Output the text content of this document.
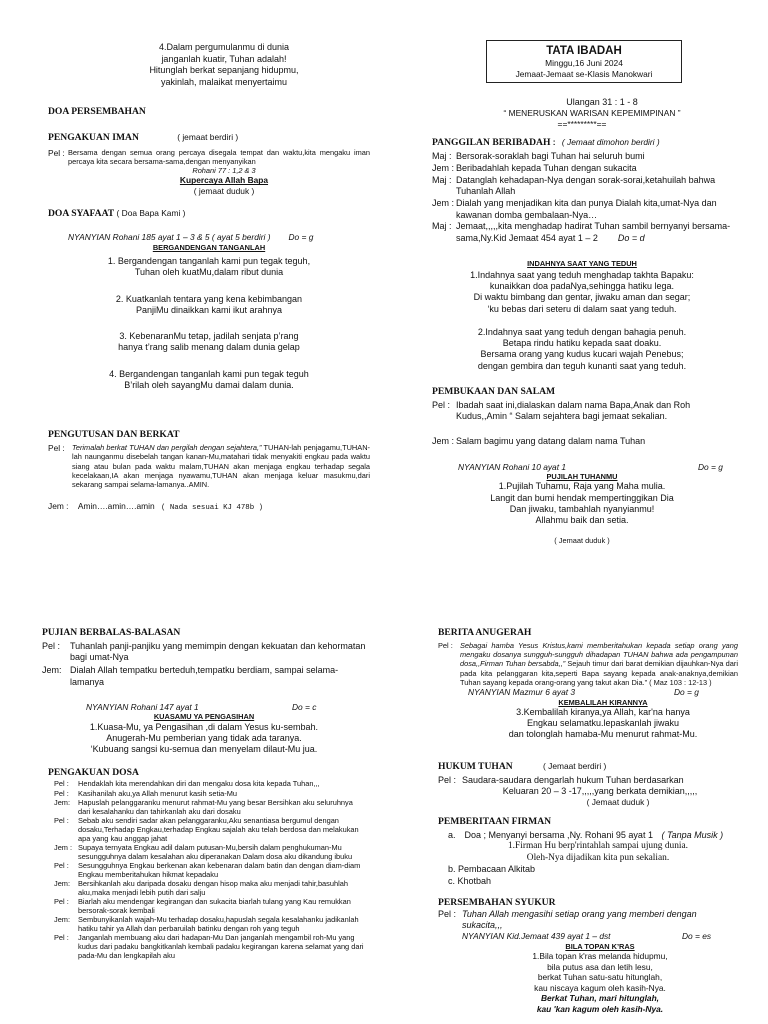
4.Dalam pergumulanmu di dunia
janganlah kuatir, Tuhan adalah!
Hitunglah berkat sepanjang hidupmu,
yakinlah, malaikat menyertaimu
DOA PERSEMBAHAN
PENGAKUAN IMAN	( jemaat berdiri )
Pel : Bersama dengan semua orang percaya disegala tempat dan waktu,kita mengaku iman percaya kita secara bersama-sama,dengan menyanyikan
Rohani 77 : 1,2 & 3
Kupercaya Allah Bapa
( jemaat duduk )
DOA SYAFAAT ( Doa Bapa Kami )
NYANYIAN Rohani 185 ayat 1 – 3 & 5 ( ayat 5 berdiri ) Do = g
BERGANDENGAN TANGANLAH
1. Bergandengan tanganlah kami pun tegak teguh,
Tuhan oleh kuatMu,dalam ribut dunia
2. Kuatkanlah tentara yang kena kebimbangan
PanjiMu dinaikkan kami ikut arahnya
3. KebenaranMu tetap, jadilah senjata p’rang
hanya t’rang salib menang dalam dunia gelap
4. Bergandengan tanganlah kami pun tegak teguh
B’rilah oleh sayangMu damai dalam dunia.
PENGUTUSAN DAN BERKAT
Pel : Terimalah berkat TUHAN dan pergilah dengan sejahtera,” TUHAN-lah penjagamu,TUHAN-lah naunganmu disebelah tangan kanan-Mu,matahari tidak menyakiti engkau pada waktu siang atau bulan pada waktu malam,TUHAN akan menjaga engkau terhadap segala kecelakaan,IA akan menjaga nyawamu,TUHAN akan menjaga keluar masukmu,dari sekarang sampai selama-lamanya..AMIN.
Jem : Amin….amin….amin ( Nada sesuai KJ 478b )
TATA IBADAH
Minggu,16 Juni 2024
Jemaat-Jemaat se-Klasis Manokwari
Ulangan 31 : 1 - 8
“ MENERUSKAN WARISAN KEPEMIMPINAN ”
==*********==
PANGGILAN BERIBADAH : ( Jemaat dimohon berdiri )
Maj : Bersorak-soraklah bagi Tuhan hai seluruh bumi
Jem : Beribadahlah kepada Tuhan dengan sukacita
Maj : Datanglah kehadapan-Nya dengan sorak-sorai,ketahuilah bahwa Tuhanlah Allah
Jem : Dialah yang menjadikan kita dan punya Dialah kita,umat-Nya dan kawanan domba gembalaan-Nya…
Maj : Jemaat,,,,,kita menghadap hadirat Tuhan sambil bernyanyi bersama-sama,Ny.Kid Jemaat 454 ayat 1 – 2 Do = d
INDAHNYA SAAT YANG TEDUH
1.Indahnya saat yang teduh menghadap takhta Bapaku:
kunaikkan doa padaNya,sehingga hatiku lega.
Di waktu bimbang dan gentar, jiwaku aman dan segar;
‘ku bebas dari seteru di dalam saat yang teduh.
2.Indahnya saat yang teduh dengan bahagia penuh.
Betapa rindu hatiku kepada saat doaku.
Bersama orang yang kudus kucari wajah Penebus;
dengan gembira dan teguh kunanti saat yang teduh.
PEMBUKAAN DAN SALAM
Pel : Ibadah saat ini,dialaskan dalam nama Bapa,Anak dan Roh Kudus,,Amin “ Salam sejahtera bagi jemaat sekalian.
Jem : Salam bagimu yang datang dalam nama Tuhan
NYANYIAN Rohani 10 ayat 1	Do = g
PUJILAH TUHANMU
1.Pujilah Tuhamu, Raja yang Maha mulia.
Langit dan bumi hendak mempertinggikan Dia
Dan jiwaku, tambahlah nyanyianmu!
Allahmu baik dan setia.
( Jemaat duduk )
PUJIAN BERBALAS-BALASAN
Pel :	Tuhanlah panji-panjiku yang memimpin dengan kekuatan dan kehormatan bagi umat-Nya
Jem: Dialah Allah tempatku berteduh,tempatku berdiam, sampai selama-lamanya
NYANYIAN Rohani 147 ayat 1	Do = c
KUASAMU YA PENGASIHAN
1.Kuasa-Mu, ya Pengasihan ,di dalam Yesus ku-sembah.
Anugerah-Mu pemberian yang tidak ada taranya.
‘Kubuang sangsi ku-semua dan menyelam dilaut-Mu jua.
PENGAKUAN DOSA
Pel :	Hendaklah kita merendahkan diri dan mengaku dosa kita kepada Tuhan,,,
Pel :	Kasihanilah aku,ya Allah menurut kasih setia-Mu
Jem:	Hapuslah pelanggaranku menurut rahmat-Mu yang besar Bersihkan aku seluruhnya dari kesalahanku dan tahirkanlah aku dari dosaku
Pel :	Sebab aku sendiri sadar akan pelanggaranku,Aku senantiasa bergumul dengan dosaku,Terhadap Engkau,terhadap Engkau sajalah aku telah berdosa dan melakukan apa yang kau anggap jahat
Jem : Supaya ternyata Engkau adil dalam putusan-Mu,bersih dalam penghukuman-Mu sesungguhnya dalam kesalahan aku diperanakan Dalam dosa aku dikandung ibuku
Pel :	Sesungguhnya Engkau berkenan akan kebenaran dalam batin dan dengan diam-diam Engkau memberitahukan hikmat kepadaku
Jem:	Bersihkanlah aku daripada dosaku dengan hisop maka aku menjadi tahir,basuhlah aku,maka menjadi lebih putih dari salju
Pel :	Biarlah aku mendengar kegirangan dan sukacita biarlah tulang yang Kau remukkan bersorak-sorak kembali
Jem:	Sembunyikanlah wajah-Mu terhadap dosaku,hapuslah segala kesalahanku jadikanlah hatiku tahir ya Allah dan perbaruilah batinku dengan roh yang teguh
Pel :	Janganlah membuang aku dari hadapan-Mu Dan janganlah mengambil roh-Mu yang kudus dari padaku bangkitkanlah kembali padaku kegirangan karena selamat yang dari pada-Mu dan lengkapilah aku
BERITA ANUGERAH
Pel : Sebagai hamba Yesus Kristus,kami memberitahukan kepada setiap orang yang mengaku dosanya sungguh-sungguh dihadapan TUHAN bahwa ada pengampunan dosa,,Firman Tuhan bersabda,,” Sejauh timur dari barat demikian dijauhkan-Nya dari pada kita pelanggaran kita,seperti Bapa sayang kepada anak-anaknya,demikian Tuhan sayang kepada orang-orang yang takut akan Dia.” ( Maz 103 : 12-13 )
NYANYIAN Mazmur 6 ayat 3	Do = g
KEMBALILAH KIRANNYA
3.Kembalilah kiranya,ya Allah, kar'na hanya
Engkau selamatku.lepaskanlah jiwaku
dan tolonglah hamaba-Mu menurut rahmat-Mu.
HUKUM TUHAN	( Jemaat berdiri )
Pel : Saudara-saudara dengarlah hukum Tuhan berdasarkan
Keluaran 20 – 3 -17,,,,,yang berkata demikian,,,,,
( Jemaat duduk )
PEMBERITAAN FIRMAN
a. Doa ; Menyanyi bersama ,Ny. Rohani 95 ayat 1 ( Tanpa Musik )
1.Firman Hu berp'rintahlah sampai ujung dunia.
Oleh-Nya dijadikan kita pun sekalian.
b. Pembacaan Alkitab
c. Khotbah
PERSEMBAHAN SYUKUR
Pel : Tuhan Allah mengasihi setiap orang yang memberi dengan sukacita,,,
NYANYIAN Kid.Jemaat 439 ayat 1 – dst	Do = es
BILA TOPAN K’RAS
1.Bila topan k'ras melanda hidupmu,
bila putus asa dan letih lesu,
berkat Tuhan satu-satu hitunglah,
kau niscaya kagum oleh kasih-Nya.
Berkat Tuhan, mari hitunglah,
kau 'kan kagum oleh kasih-Nya.
